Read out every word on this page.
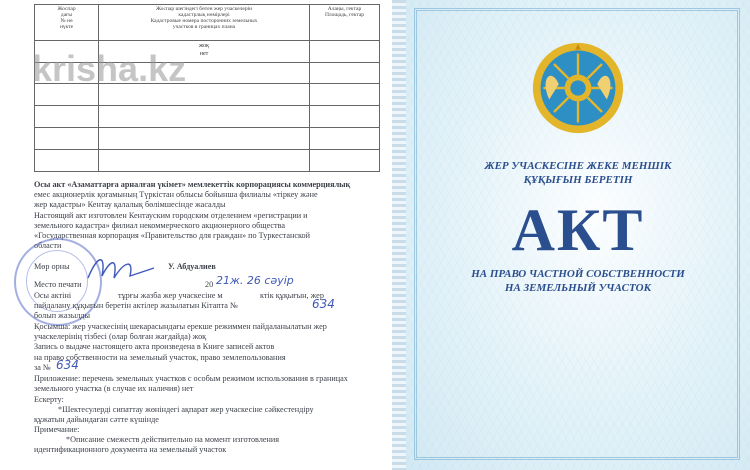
Жоспар
дағы
№ нө
нүкте	Жоспар шегіндегі бөтен жер учаскелерін
кадастрлық нөмірлері
Кадастровые номера посторонних земельных
участков в границах плана	Алаңы, гектар
Площадь, гектар

	жоқ
нет	

krisha.kz
Осы акт «Азаматтарға арналған үкімет» мемлекеттік корпорациясы коммерциялық
емес акционерлік қоғамының Түркістан облысы бойынша филиалы «тіркеу және
жер кадастры» Кентау қалалық бөлімшесінде жасалды
Настоящий акт изготовлен Кентауским городским отделением «регистрации и
земельного кадастра» филиал некоммерческого акционерного общества
«Государственная корпорация «Правительство для граждан» по Туркестанской
области
Мөр орны	У. Абдуалиев
Место печати	20 21ж. 26 сәуір
Осы актіні	тұрғы жазба жер учаскесіне м	ктік құқығын, жер
пайдалану құқығын беретін актілер жазылатын Кітапта №	634
болып жазылды
Қосымша: жер учаскесінің шекарасындағы ерекше режиммен пайдаланылатын жер
учаскелерінің тізбесі (олар болған жағдайда) жоқ
Запись о выдаче настоящего акта произведена в Книге записей актов
на право собственности на земельный участок, право землепользования
за № 634
Приложение: перечень земельных участков с особым режимом использования в границах
земельного участка (в случае их наличия) нет
Ескерту:
*Шектесулерді сипаттау жөніндегі ақпарат жер учаскесіне сәйкестендіру
құжатын дайындаған сәтте күшінде
Примечание:
*Описание смежеств действительно на момент изготовления
идентификационного документа на земельный участок
ЖЕР УЧАСКЕСІНЕ ЖЕКЕ МЕНШІК
ҚҰҚЫҒЫН БЕРЕТІН
АКТ
НА ПРАВО ЧАСТНОЙ СОБСТВЕННОСТИ
НА ЗЕМЕЛЬНЫЙ УЧАСТОК
